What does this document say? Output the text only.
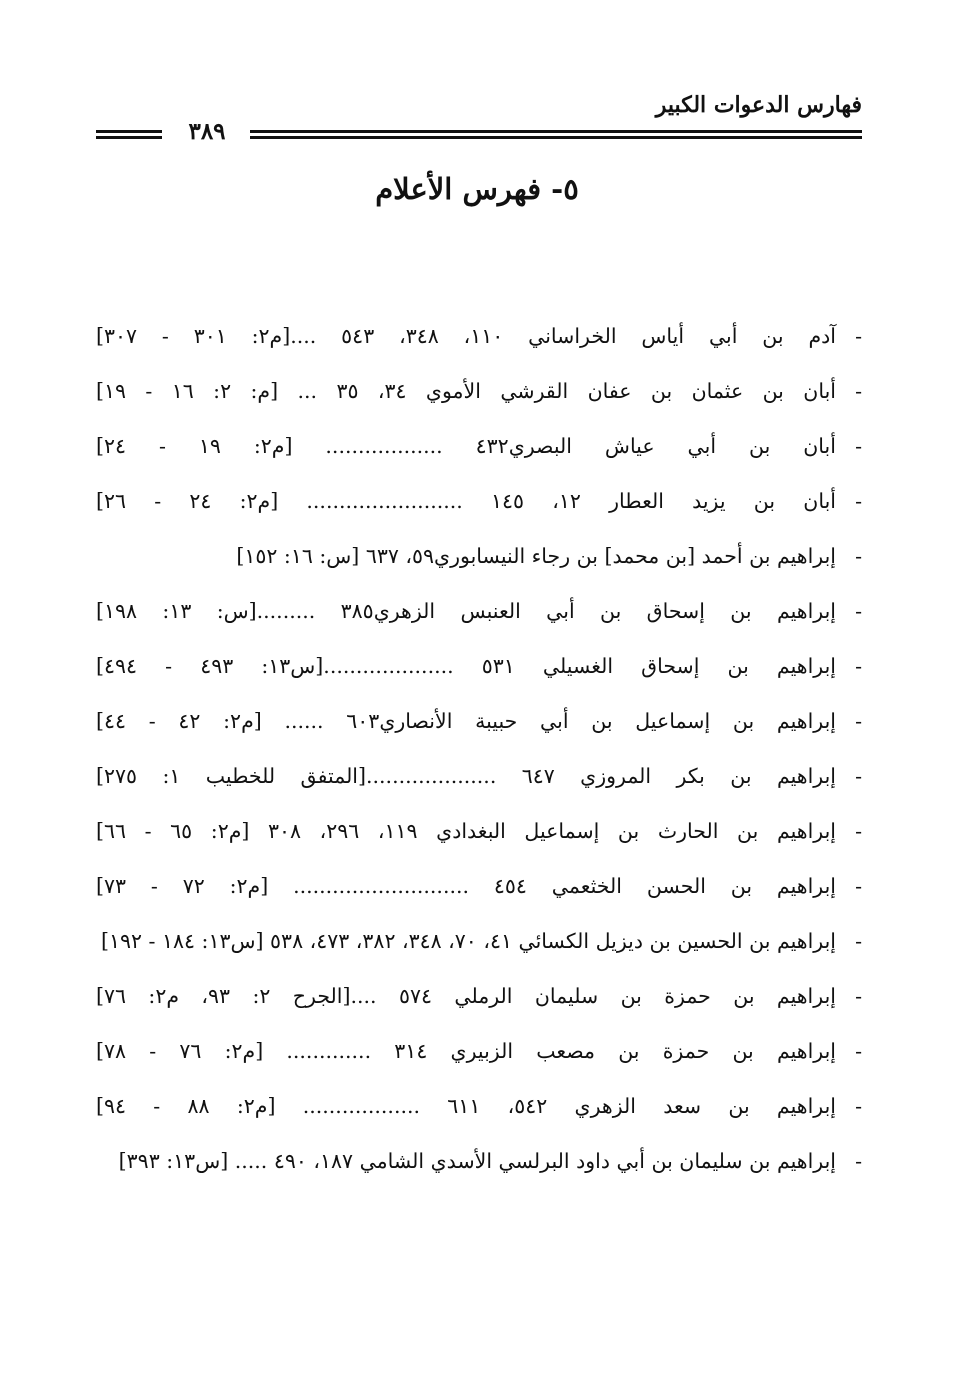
فهارس الدعوات الكبير
٣٨٩
٥- فهرس الأعلام
-
آدم بن أبي أياس الخراساني ١١٠، ٣٤٨، ٥٤٣ ....[م٢: ٣٠١ - ٣٠٧]
-
أبان بن عثمان بن عفان القرشي الأموي ٣٤، ٣٥ ... [م: ٢: ١٦ - ١٩]
-
أبان بن أبي عياش البصري٤٣٢ .................. [م٢: ١٩ - ٢٤]
-
أبان بن يزيد العطار ١٢، ١٤٥ ........................ [م٢: ٢٤ - ٢٦]
-
إبراهيم بن أحمد [بن محمد] بن رجاء النيسابوري٥٩، ٦٣٧ [س: ١٦: ١٥٢]
-
إبراهيم بن إسحاق بن أبي العنبس الزهري٣٨٥ .........[س: ١٣: ١٩٨]
-
إبراهيم بن إسحاق الغسيلي ٥٣١ ....................[س١٣: ٤٩٣ - ٤٩٤]
-
إبراهيم بن إسماعيل بن أبي حبيبة الأنصاري٦٠٣ ...... [م٢: ٤٢ - ٤٤]
-
إبراهيم بن بكر المروزي ٦٤٧ ....................[المتفق للخطيب ١: ٢٧٥]
-
إبراهيم بن الحارث بن إسماعيل البغدادي ١١٩، ٢٩٦، ٣٠٨ [م٢: ٦٥ - ٦٦]
-
إبراهيم بن الحسن الخثعمي ٤٥٤ ........................... [م٢: ٧٢ - ٧٣]
-
إبراهيم بن الحسين بن ديزيل الكسائي ٤١، ٧٠، ٣٤٨، ٣٨٢، ٤٧٣، ٥٣٨ [س١٣: ١٨٤ - ١٩٢]
-
إبراهيم بن حمزة بن سليمان الرملي ٥٧٤ ....[الجرح ٢: ٩٣، م٢: ٧٦]
-
إبراهيم بن حمزة بن مصعب الزبيري ٣١٤ ............. [م٢: ٧٦ - ٧٨]
-
إبراهيم بن سعد الزهري ٥٤٢، ٦١١ .................. [م٢: ٨٨ - ٩٤]
-
إبراهيم بن سليمان بن أبي داود البرلسي الأسدي الشامي ١٨٧، ٤٩٠ ..... [س١٣: ٣٩٣]
